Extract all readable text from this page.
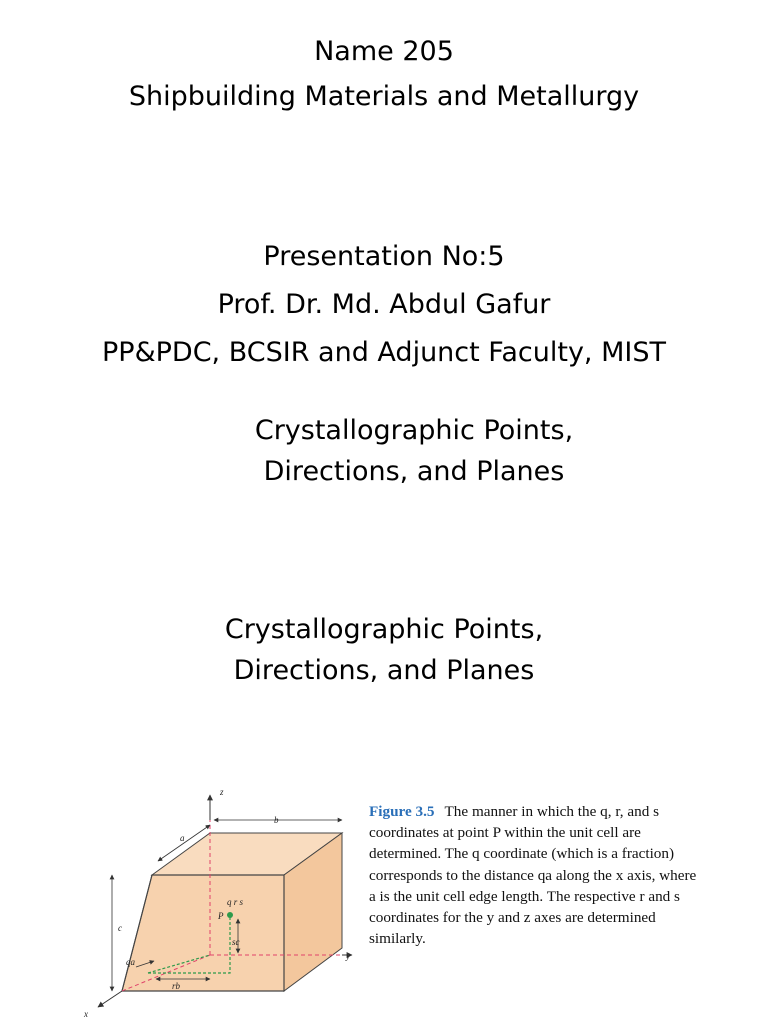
Name 205
Shipbuilding Materials and Metallurgy
Presentation No:5
Prof. Dr. Md. Abdul Gafur
PP&PDC, BCSIR and Adjunct Faculty, MIST
Crystallographic Points,
Directions, and Planes
Crystallographic Points,
Directions, and Planes
z
y
x
b
a
c
P
q r s
sc
qa
rb
Figure 3.5 The manner in which the q, r, and s coordinates at point P within the unit cell are determined. The q coordinate (which is a fraction) corresponds to the distance qa along the x axis, where a is the unit cell edge length. The respective r and s coordinates for the y and z axes are determined similarly.
